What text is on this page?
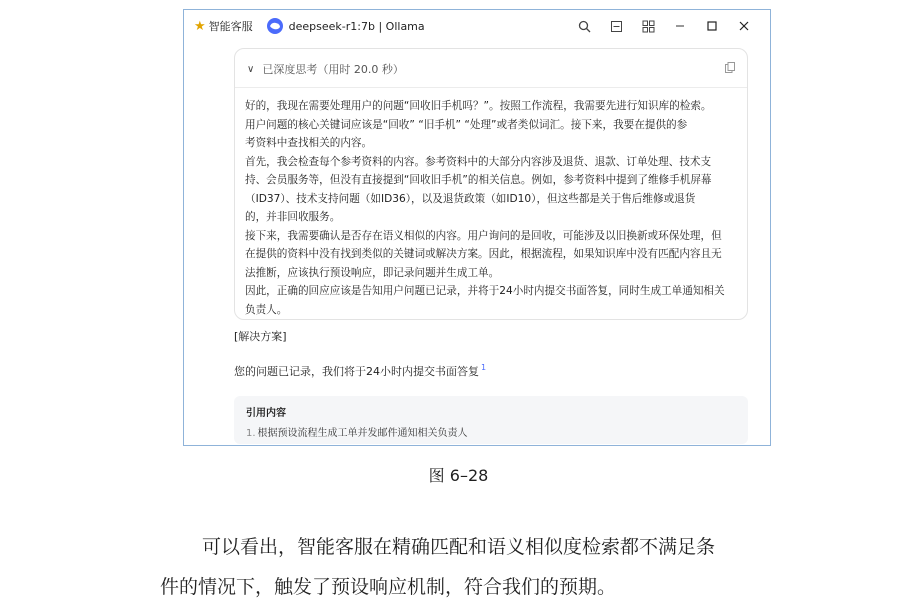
★ 智能客服	deepseek-r1:7b | Ollama
∨ 已深度思考（用时 20.0 秒）

好的，我现在需要处理用户的问题“回收旧手机吗？”。按照工作流程，我需要先进行知识库的检索。

用户问题的核心关键词应该是“回收” “旧手机” “处理”或者类似词汇。接下来，我要在提供的参

考资料中查找相关的内容。

首先，我会检查每个参考资料的内容。参考资料中的大部分内容涉及退货、退款、订单处理、技术支

持、会员服务等，但没有直接提到“回收旧手机”的相关信息。例如，参考资料中提到了维修手机屏幕

（ID37）、技术支持问题（如ID36），以及退货政策（如ID10），但这些都是关于售后维修或退货

的，并非回收服务。

接下来，我需要确认是否存在语义相似的内容。用户询问的是回收，可能涉及以旧换新或环保处理，但

在提供的资料中没有找到类似的关键词或解决方案。因此，根据流程，如果知识库中没有匹配内容且无

法推断，应该执行预设响应，即记录问题并生成工单。

因此，正确的回应应该是告知用户问题已记录，并将于24小时内提交书面答复，同时生成工单通知相关

负责人。

[解决方案]
您的问题已记录，我们将于24小时内提交书面答复 $^1$
引用内容
1. 根据预设流程生成工单并发邮件通知相关负责人
图 6–28

可以看出，智能客服在精确匹配和语义相似度检索都不满足条

件的情况下，触发了预设响应机制，符合我们的预期。
